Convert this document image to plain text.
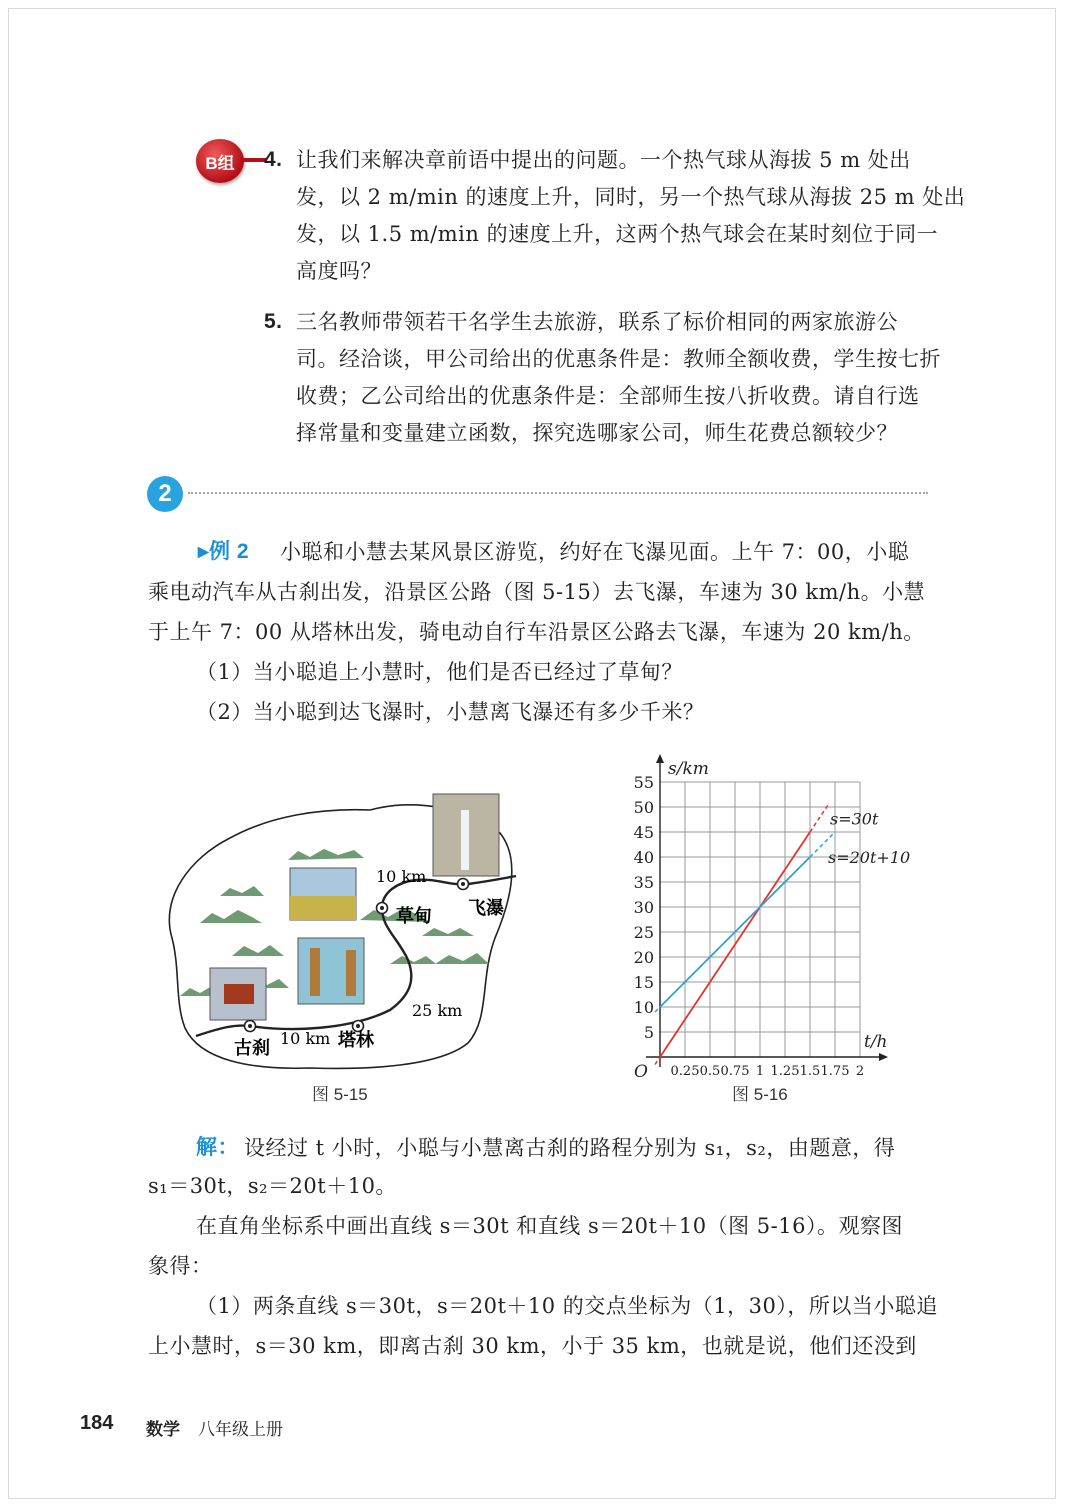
B组	4. 让我们来解决章前语中提出的问题。一个热气球从海拔 5 m 处出
发，以 2 m/min 的速度上升，同时，另一个热气球从海拔 25 m 处出
发，以 1.5 m/min 的速度上升，这两个热气球会在某时刻位于同一
高度吗？
5. 三名教师带领若干名学生去旅游，联系了标价相同的两家旅游公
司。经洽谈，甲公司给出的优惠条件是：教师全额收费，学生按七折
收费；乙公司给出的优惠条件是：全部师生按八折收费。请自行选
择常量和变量建立函数，探究选哪家公司，师生花费总额较少？
2
▸例 2 小聪和小慧去某风景区游览，约好在飞瀑见面。上午 7：00，小聪
乘电动汽车从古刹出发，沿景区公路（图 5-15）去飞瀑，车速为 30 km/h。小慧
于上午 7：00 从塔林出发，骑电动自行车沿景区公路去飞瀑，车速为 20 km/h。
（1）当小聪追上小慧时，他们是否已经过了草甸？
（2）当小聪到达飞瀑时，小慧离飞瀑还有多少千米？
古刹	塔林
草甸 飞瀑
10 km
25 km
10 km
图 5-15
0.25 0.5 0.75 1 1.25 1.5 1.75 2
5
10
15
20
25
30
35
40
45
50
55
O
t/h
s/km
s=30t
s=20t+10
图 5-16
解： 设经过 t 小时，小聪与小慧离古刹的路程分别为 s₁，s₂，由题意，得
s₁＝30t，s₂＝20t＋10。
在直角坐标系中画出直线 s＝30t 和直线 s＝20t＋10（图 5-16）。观察图
象得：
（1）两条直线 s＝30t，s＝20t＋10 的交点坐标为（1，30），所以当小聪追
上小慧时，s＝30 km，即离古刹 30 km，小于 35 km，也就是说，他们还没到
184 数学 八年级上册
